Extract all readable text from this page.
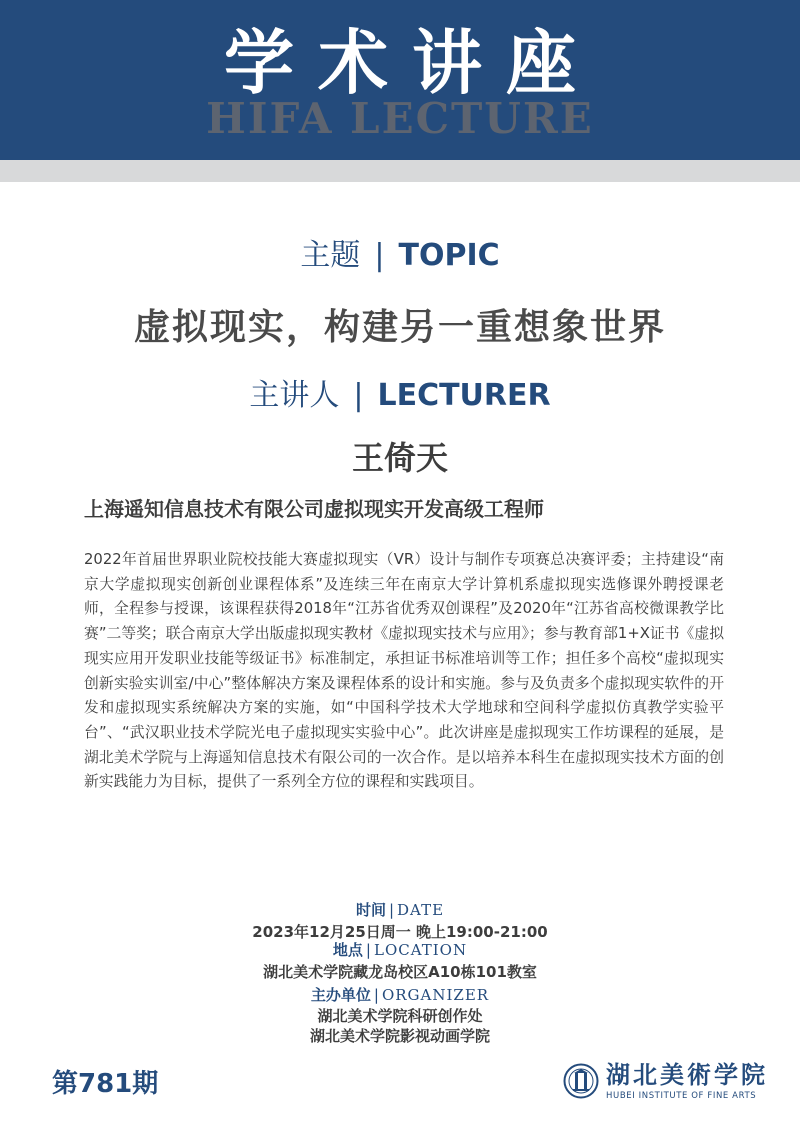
学术讲座
HIFA LECTURE
主题 | TOPIC
虚拟现实，构建另一重想象世界
主讲人 | LECTURER
王倚天
上海遥知信息技术有限公司虚拟现实开发高级工程师
2022年首届世界职业院校技能大赛虚拟现实（VR）设计与制作专项赛总决赛评委；主持建设“南京大学虚拟现实创新创业课程体系”及连续三年在南京大学计算机系虚拟现实选修课外聘授课老师，全程参与授课，该课程获得2018年“江苏省优秀双创课程”及2020年“江苏省高校微课教学比赛”二等奖；联合南京大学出版虚拟现实教材《虚拟现实技术与应用》；参与教育部1+X证书《虚拟现实应用开发职业技能等级证书》标准制定，承担证书标准培训等工作；担任多个高校“虚拟现实创新实验实训室/中心”整体解决方案及课程体系的设计和实施。参与及负责多个虚拟现实软件的开发和虚拟现实系统解决方案的实施，如“中国科学技术大学地球和空间科学虚拟仿真教学实验平台”、“武汉职业技术学院光电子虚拟现实实验中心”。此次讲座是虚拟现实工作坊课程的延展，是湖北美术学院与上海遥知信息技术有限公司的一次合作。是以培养本科生在虚拟现实技术方面的创新实践能力为目标，提供了一系列全方位的课程和实践项目。
时间 | DATE
2023年12月25日周一 晚上19:00-21:00
地点 | LOCATION
湖北美术学院藏龙岛校区A10栋101教室
主办单位 | ORGANIZER
湖北美术学院科研创作处
湖北美术学院影视动画学院
第781期	湖北美術学院
HUBEI INSTITUTE OF FINE ARTS
